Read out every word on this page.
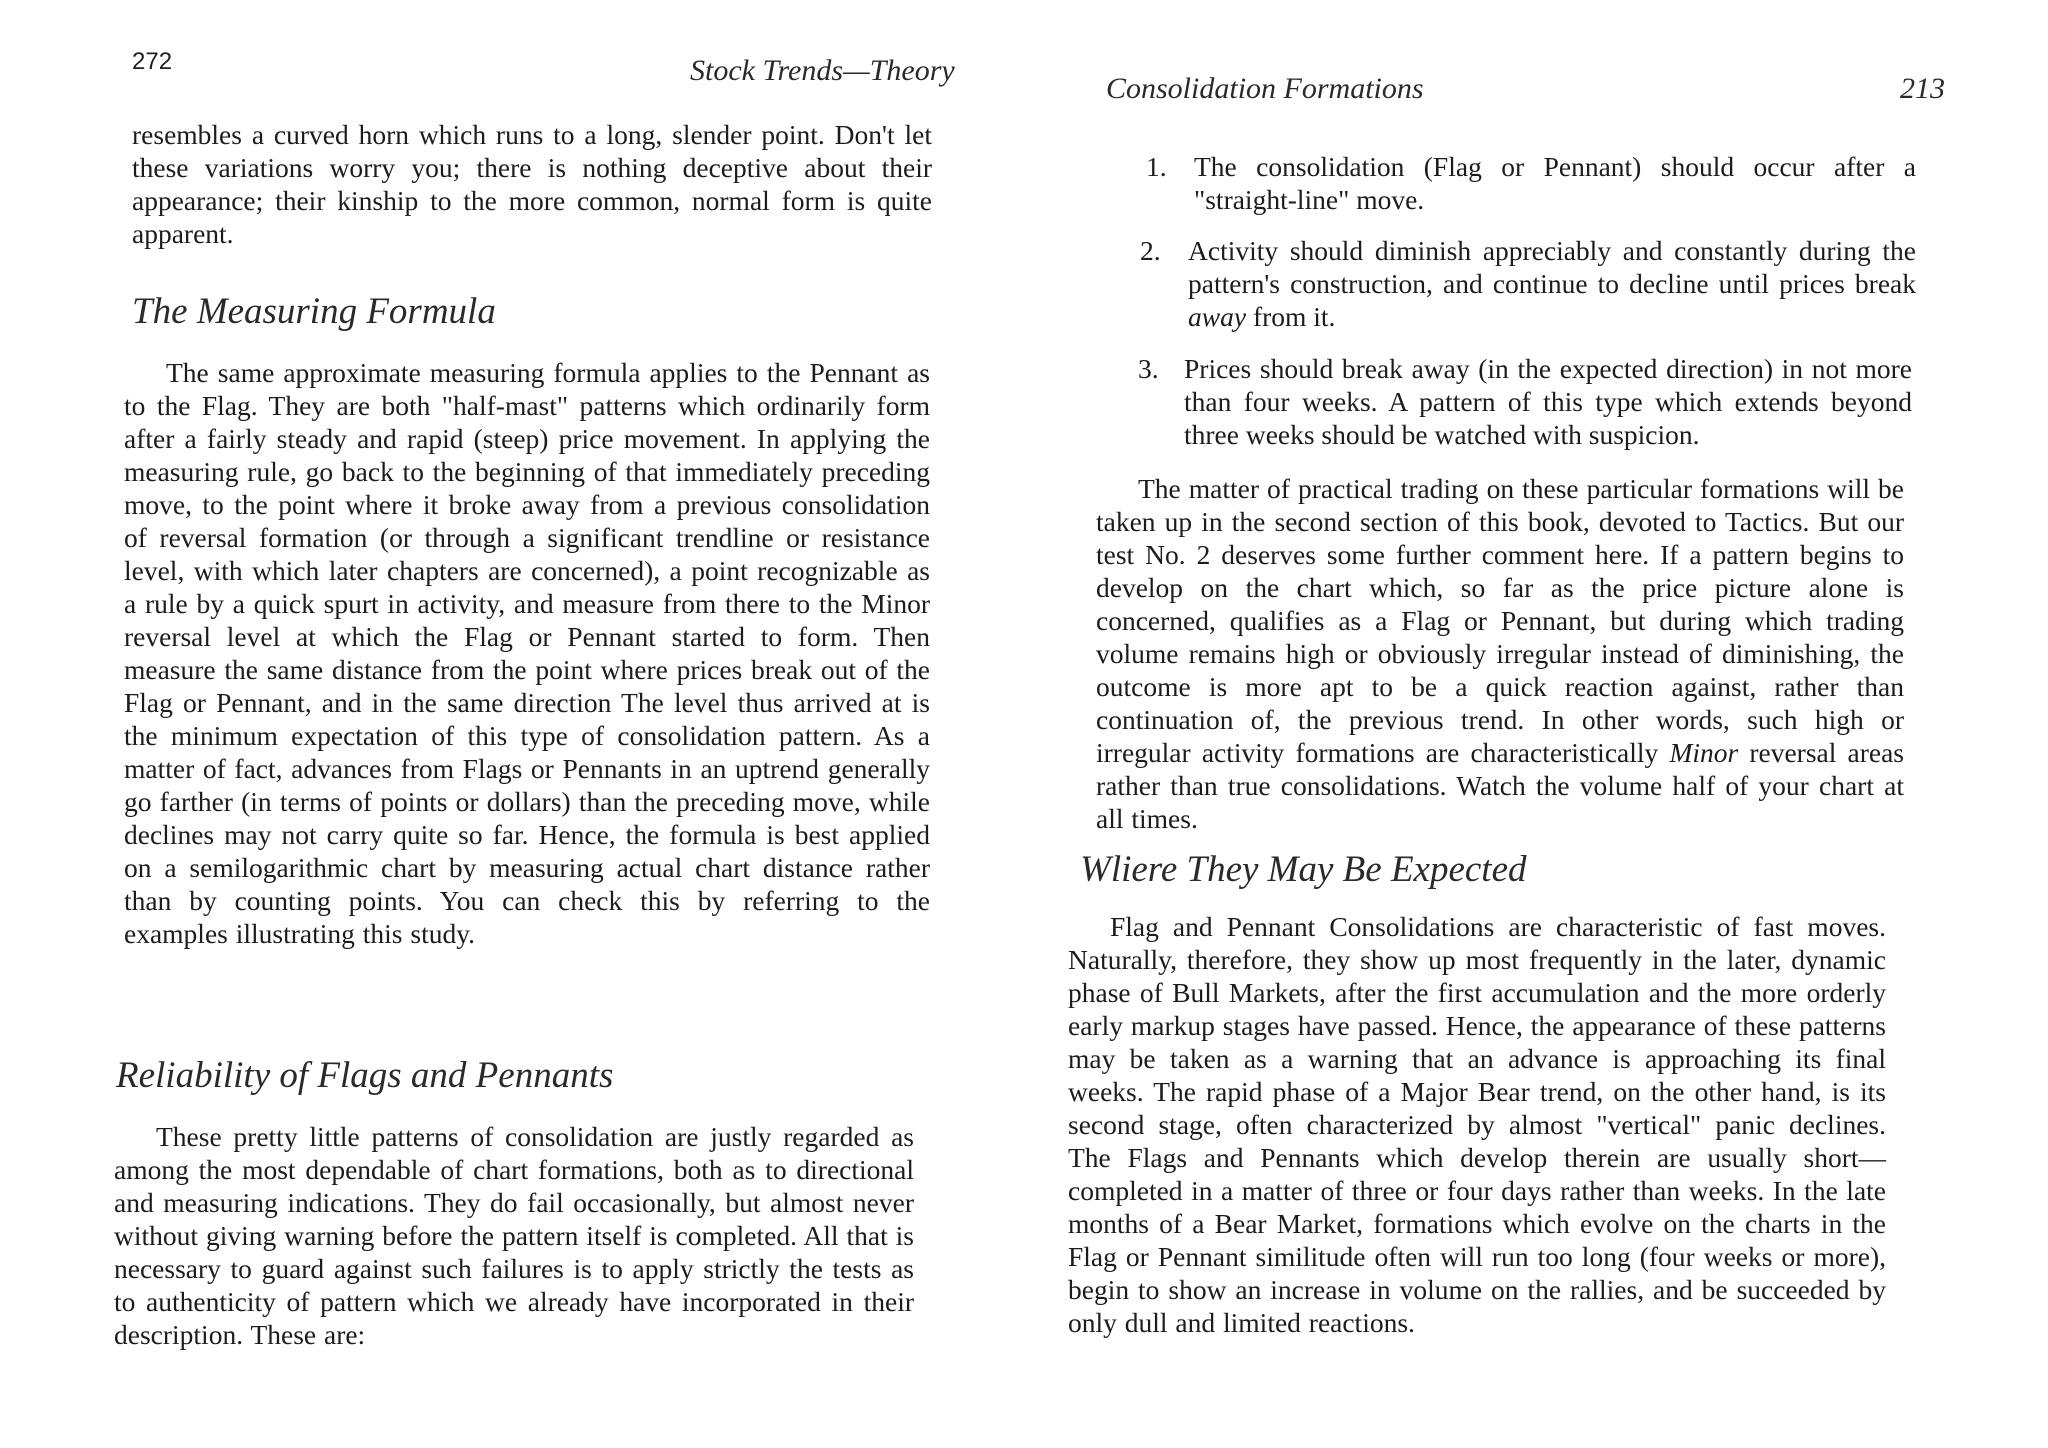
272	Stock Trends—Theory

resembles a curved horn which runs to a long, slender point. Don't let these variations worry you; there is nothing deceptive about their appearance; their kinship to the more common, normal form is quite apparent.

The Measuring Formula

The same approximate measuring formula applies to the Pennant as to the Flag. They are both "half-mast" patterns which ordinarily form after a fairly steady and rapid (steep) price movement. In applying the measuring rule, go back to the beginning of that immediately preceding move, to the point where it broke away from a previous consolidation of reversal formation (or through a significant trendline or resistance level, with which later chapters are concerned), a point recognizable as a rule by a quick spurt in activity, and measure from there to the Minor reversal level at which the Flag or Pennant started to form. Then measure the same distance from the point where prices break out of the Flag or Pennant, and in the same direction The level thus arrived at is the minimum expectation of this type of consolidation pattern. As a matter of fact, advances from Flags or Pennants in an uptrend generally go farther (in terms of points or dollars) than the preceding move, while declines may not carry quite so far. Hence, the formula is best applied on a semilogarithmic chart by measuring actual chart distance rather than by counting points. You can check this by referring to the examples illustrating this study.

Reliability of Flags and Pennants

These pretty little patterns of consolidation are justly regarded as among the most dependable of chart formations, both as to directional and measuring indications. They do fail occasionally, but almost never without giving warning before the pattern itself is completed. All that is necessary to guard against such failures is to apply strictly the tests as to authenticity of pattern which we already have incorporated in their description. These are:

Consolidation Formations	213
1. The consolidation (Flag or Pennant) should occur after a "straight-line" move.

2. Activity should diminish appreciably and constantly during the pattern's construction, and continue to decline until prices break away from it.

3. Prices should break away (in the expected direction) in not more than four weeks. A pattern of this type which extends beyond three weeks should be watched with suspicion.

The matter of practical trading on these particular formations will be taken up in the second section of this book, devoted to Tactics. But our test No. 2 deserves some further comment here. If a pattern begins to develop on the chart which, so far as the price picture alone is concerned, qualifies as a Flag or Pennant, but during which trading volume remains high or obviously irregular instead of diminishing, the outcome is more apt to be a quick reaction against, rather than continuation of, the previous trend. In other words, such high or irregular activity formations are characteristically Minor reversal areas rather than true consolidations. Watch the volume half of your chart at all times.

Wliere They May Be Expected

Flag and Pennant Consolidations are characteristic of fast moves. Naturally, therefore, they show up most frequently in the later, dynamic phase of Bull Markets, after the first accumulation and the more orderly early markup stages have passed. Hence, the appearance of these patterns may be taken as a warning that an advance is approaching its final weeks. The rapid phase of a Major Bear trend, on the other hand, is its second stage, often characterized by almost "vertical" panic declines. The Flags and Pennants which develop therein are usually short—completed in a matter of three or four days rather than weeks. In the late months of a Bear Market, formations which evolve on the charts in the Flag or Pennant similitude often will run too long (four weeks or more), begin to show an increase in volume on the rallies, and be succeeded by only dull and limited reactions.
